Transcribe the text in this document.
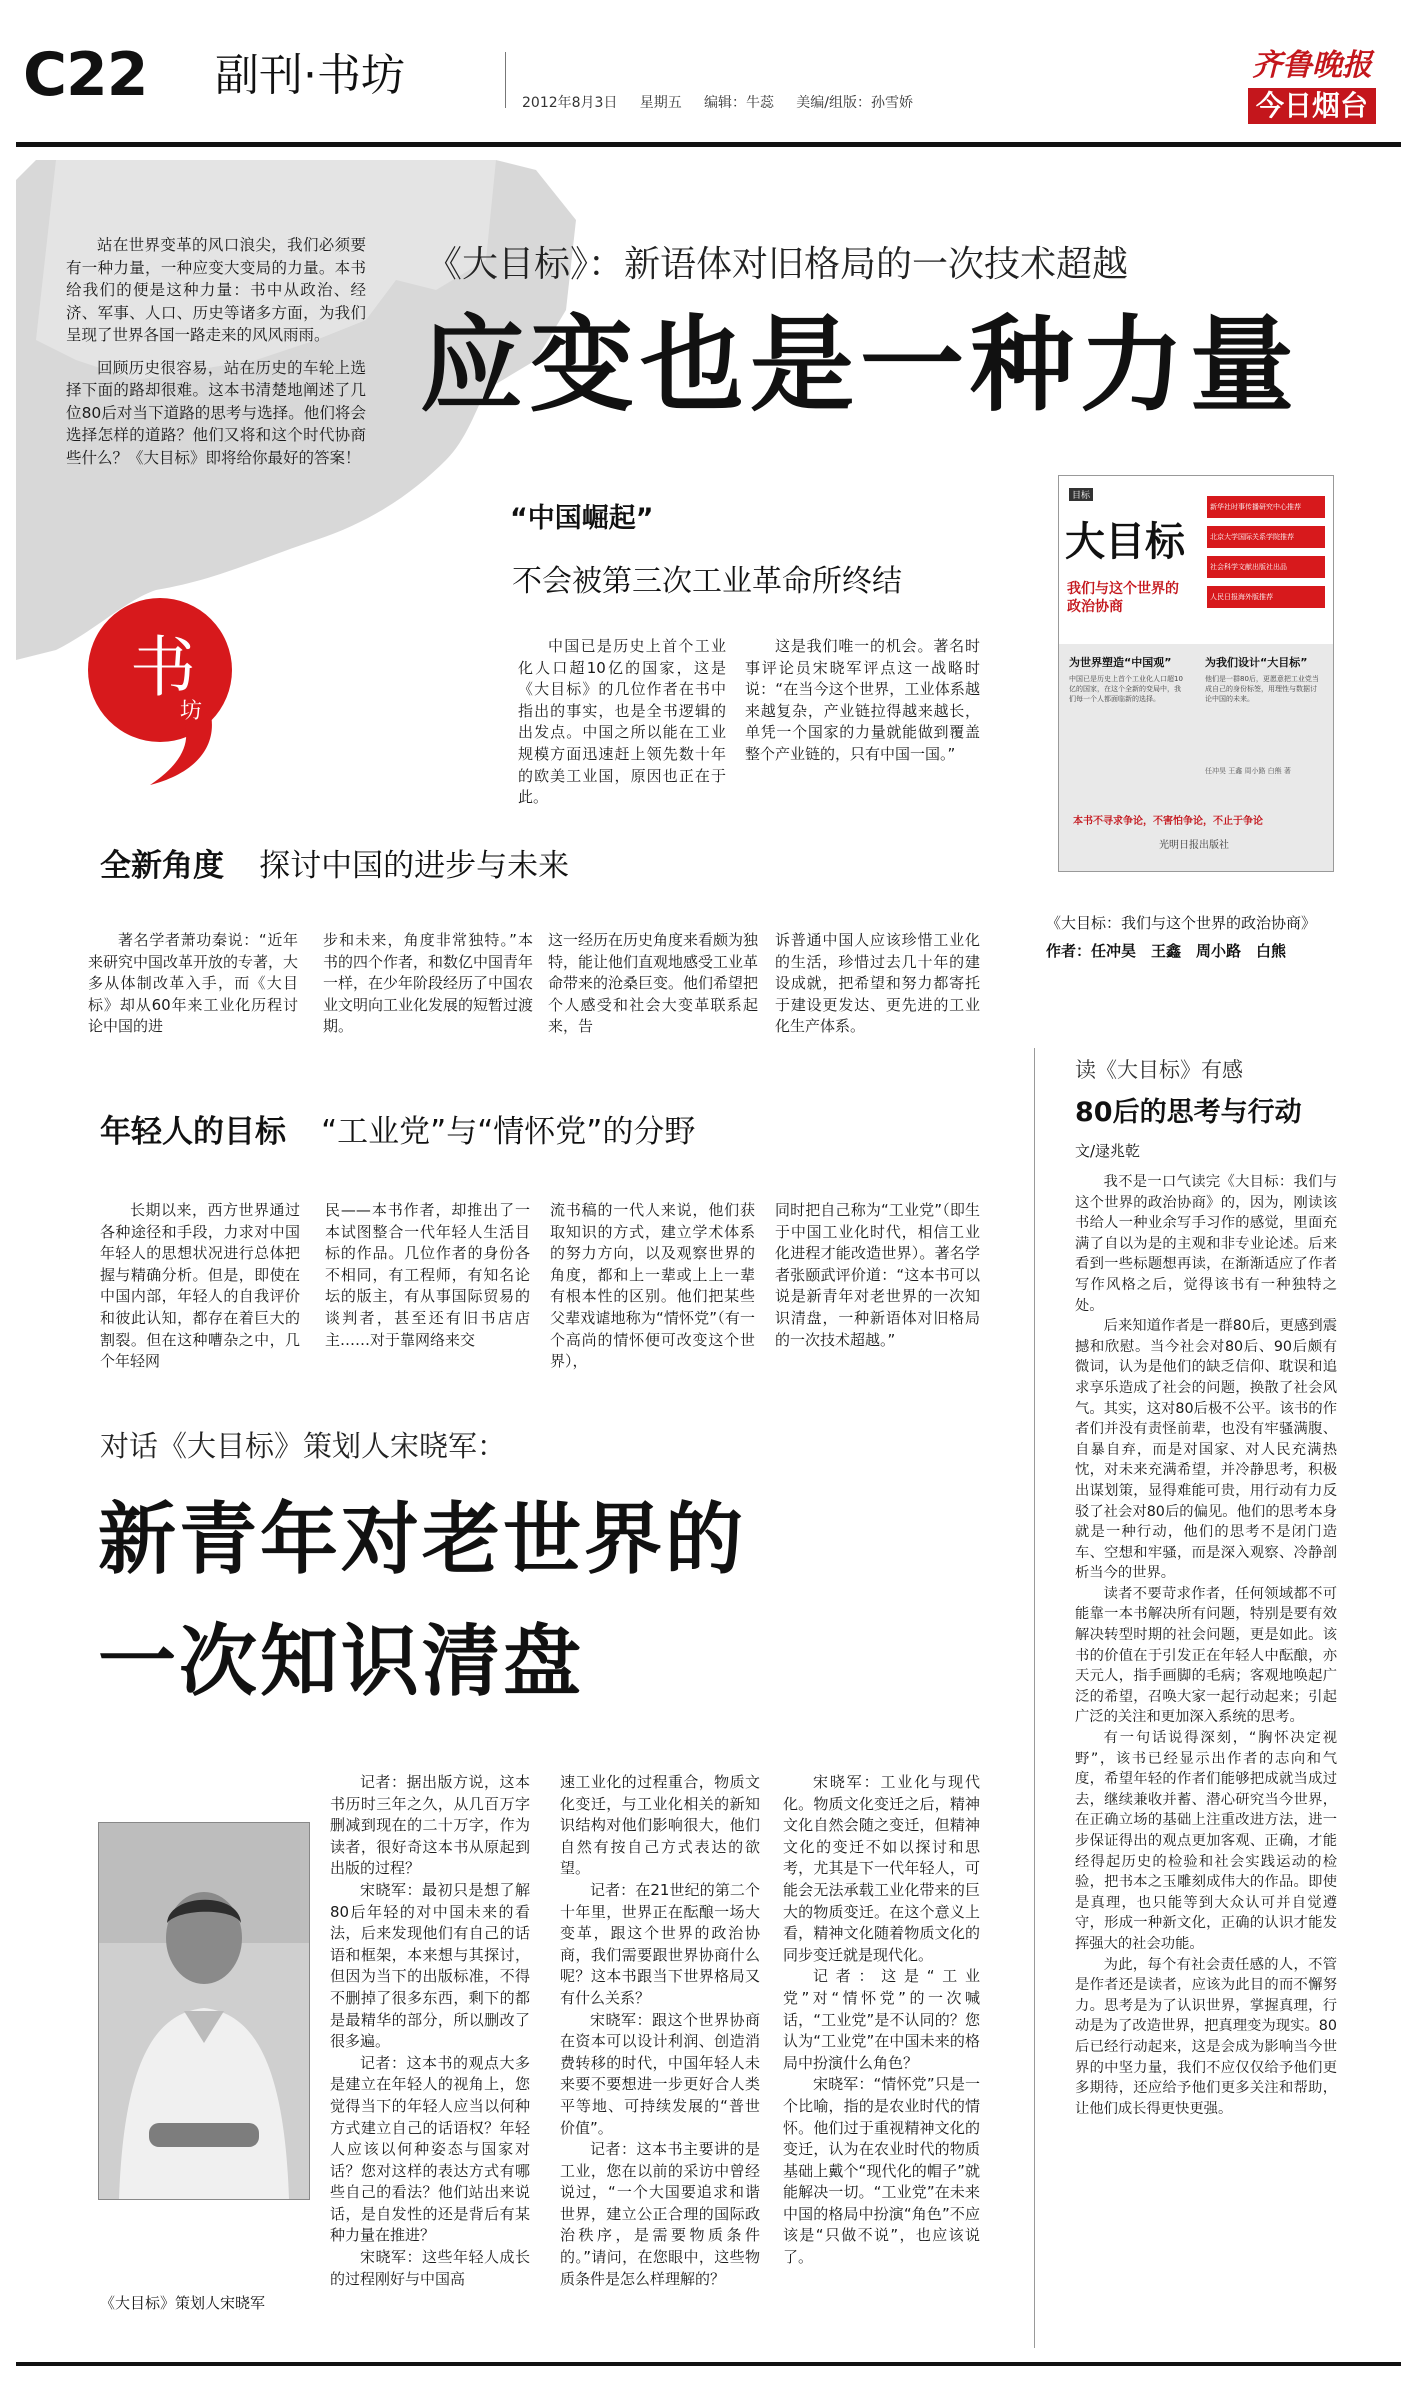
C22 副刊·书坊
2012年8月3日 星期五 编辑：牛蕊 美编/组版：孙雪娇
齐鲁晚报
今日烟台

站在世界变革的风口浪尖，我们必须要有一种力量，一种应变大变局的力量。本书给我们的便是这种力量：书中从政治、经济、军事、人口、历史等诸多方面，为我们呈现了世界各国一路走来的风风雨雨。

回顾历史很容易，站在历史的车轮上选择下面的路却很难。这本书清楚地阐述了几位80后对当下道路的思考与选择。他们将会选择怎样的道路？他们又将和这个时代协商些什么？《大目标》即将给你最好的答案！

书
坊
《大目标》：新语体对旧格局的一次技术超越
应变也是一种力量
“中国崛起”
不会被第三次工业革命所终结

中国已是历史上首个工业化人口超10亿的国家，这是《大目标》的几位作者在书中指出的事实，也是全书逻辑的出发点。中国之所以能在工业规模方面迅速赶上领先数十年的欧美工业国，原因也正在于此。

这是我们唯一的机会。著名时事评论员宋晓军评点这一战略时说：“在当今这个世界，工业体系越来越复杂，产业链拉得越来越长，单凭一个国家的力量就能做到覆盖整个产业链的，只有中国一国。”

目标
大目标
我们与这个世界的政治协商
新华社时事传播研究中心推荐
北京大学国际关系学院推荐
社会科学文献出版社出品
人民日报海外版推荐
为世界塑造“中国观”	为我们设计“大目标”
中国已是历史上首个工业化人口超10亿的国家，在这个全新的变局中，我们每一个人都面临新的选择。
他们是一群80后，更愿意把工业党当成自己的身份标签，用理性与数据讨论中国的未来。
任冲昊 王鑫 周小路 白熊 著
本书不寻求争论，不害怕争论，不止于争论
光明日报出版社
《大目标：我们与这个世界的政治协商》
作者：任冲昊　王鑫　周小路　白熊
全新角度 探讨中国的进步与未来

著名学者萧功秦说：“近年来研究中国改革开放的专著，大多从体制改革入手，而《大目标》却从60年来工业化历程讨论中国的进

步和未来，角度非常独特。”本书的四个作者，和数亿中国青年一样，在少年阶段经历了中国农业文明向工业化发展的短暂过渡期。

这一经历在历史角度来看颇为独特，能让他们直观地感受工业革命带来的沧桑巨变。他们希望把个人感受和社会大变革联系起来，告

诉普通中国人应该珍惜工业化的生活，珍惜过去几十年的建设成就，把希望和努力都寄托于建设更发达、更先进的工业化生产体系。

读《大目标》有感
80后的思考与行动
文/逯兆乾

我不是一口气读完《大目标：我们与这个世界的政治协商》的，因为，刚读该书给人一种业余写手习作的感觉，里面充满了自以为是的主观和非专业论述。后来看到一些标题想再读，在渐渐适应了作者写作风格之后，觉得该书有一种独特之处。

后来知道作者是一群80后，更感到震撼和欣慰。当今社会对80后、90后颇有微词，认为是他们的缺乏信仰、耽误和追求享乐造成了社会的问题，换散了社会风气。其实，这对80后极不公平。该书的作者们并没有责怪前辈，也没有牢骚满腹、自暴自弃，而是对国家、对人民充满热忱，对未来充满希望，并冷静思考，积极出谋划策，显得难能可贵，用行动有力反驳了社会对80后的偏见。他们的思考本身就是一种行动，他们的思考不是闭门造车、空想和牢骚，而是深入观察、冷静剖析当今的世界。

读者不要苛求作者，任何领域都不可能靠一本书解决所有问题，特别是要有效解决转型时期的社会问题，更是如此。该书的价值在于引发正在年轻人中酝酿，亦天元人，指手画脚的毛病；客观地唤起广泛的希望，召唤大家一起行动起来；引起广泛的关注和更加深入系统的思考。

有一句话说得深刻，“胸怀决定视野”，该书已经显示出作者的志向和气度，希望年轻的作者们能够把成就当成过去，继续兼收并蓄、潜心研究当今世界，在正确立场的基础上注重改进方法，进一步保证得出的观点更加客观、正确，才能经得起历史的检验和社会实践运动的检验，把书本之玉雕刻成伟大的作品。即使是真理，也只能等到大众认可并自觉遵守，形成一种新文化，正确的认识才能发挥强大的社会功能。

为此，每个有社会责任感的人，不管是作者还是读者，应该为此目的而不懈努力。思考是为了认识世界，掌握真理，行动是为了改造世界，把真理变为现实。80后已经行动起来，这是会成为影响当今世界的中坚力量，我们不应仅仅给予他们更多期待，还应给予他们更多关注和帮助，让他们成长得更快更强。

年轻人的目标 “工业党”与“情怀党”的分野

长期以来，西方世界通过各种途径和手段，力求对中国年轻人的思想状况进行总体把握与精确分析。但是，即使在中国内部，年轻人的自我评价和彼此认知，都存在着巨大的割裂。但在这种嘈杂之中，几个年轻网

民——本书作者，却推出了一本试图整合一代年轻人生活目标的作品。几位作者的身份各不相同，有工程师，有知名论坛的版主，有从事国际贸易的谈判者，甚至还有旧书店店主……对于靠网络来交

流书稿的一代人来说，他们获取知识的方式，建立学术体系的努力方向，以及观察世界的角度，都和上一辈或上上一辈有根本性的区别。他们把某些父辈戏谑地称为“情怀党”（有一个高尚的情怀便可改变这个世界），

同时把自己称为“工业党”（即生于中国工业化时代，相信工业化进程才能改造世界）。著名学者张颐武评价道：“这本书可以说是新青年对老世界的一次知识清盘，一种新语体对旧格局的一次技术超越。”

对话《大目标》策划人宋晓军：
新青年对老世界的
一次知识清盘
《大目标》策划人宋晓军

记者：据出版方说，这本书历时三年之久，从几百万字删减到现在的二十万字，作为读者，很好奇这本书从原起到出版的过程？

宋晓军：最初只是想了解80后年轻的对中国未来的看法，后来发现他们有自己的话语和框架，本来想与其探讨，但因为当下的出版标准，不得不删掉了很多东西，剩下的都是最精华的部分，所以删改了很多遍。

记者：这本书的观点大多是建立在年轻人的视角上，您觉得当下的年轻人应当以何种方式建立自己的话语权？年轻人应该以何种姿态与国家对话？您对这样的表达方式有哪些自己的看法？他们站出来说话，是自发性的还是背后有某种力量在推进？

宋晓军：这些年轻人成长的过程刚好与中国高

速工业化的过程重合，物质文化变迁，与工业化相关的新知识结构对他们影响很大，他们自然有按自己方式表达的欲望。

记者：在21世纪的第二个十年里，世界正在酝酿一场大变革，跟这个世界的政治协商，我们需要跟世界协商什么呢？这本书跟当下世界格局又有什么关系？

宋晓军：跟这个世界协商在资本可以设计利润、创造消费转移的时代，中国年轻人未来要不要想进一步更好合人类平等地、可持续发展的“普世价值”。

记者：这本书主要讲的是工业，您在以前的采访中曾经说过，“一个大国要追求和谐世界，建立公正合理的国际政治秩序，是需要物质条件的。”请问，在您眼中，这些物质条件是怎么样理解的？

宋晓军：工业化与现代化。物质文化变迁之后，精神文化自然会随之变迁，但精神文化的变迁不如以探讨和思考，尤其是下一代年轻人，可能会无法承载工业化带来的巨大的物质变迁。在这个意义上看，精神文化随着物质文化的同步变迁就是现代化。

记者：这是“工业党”对“情怀党”的一次喊话，“工业党”是不认同的？您认为“工业党”在中国未来的格局中扮演什么角色？

宋晓军：“情怀党”只是一个比喻，指的是农业时代的情怀。他们过于重视精神文化的变迁，认为在农业时代的物质基础上戴个“现代化的帽子”就能解决一切。“工业党”在未来中国的格局中扮演“角色”不应该是“只做不说”，也应该说了。
